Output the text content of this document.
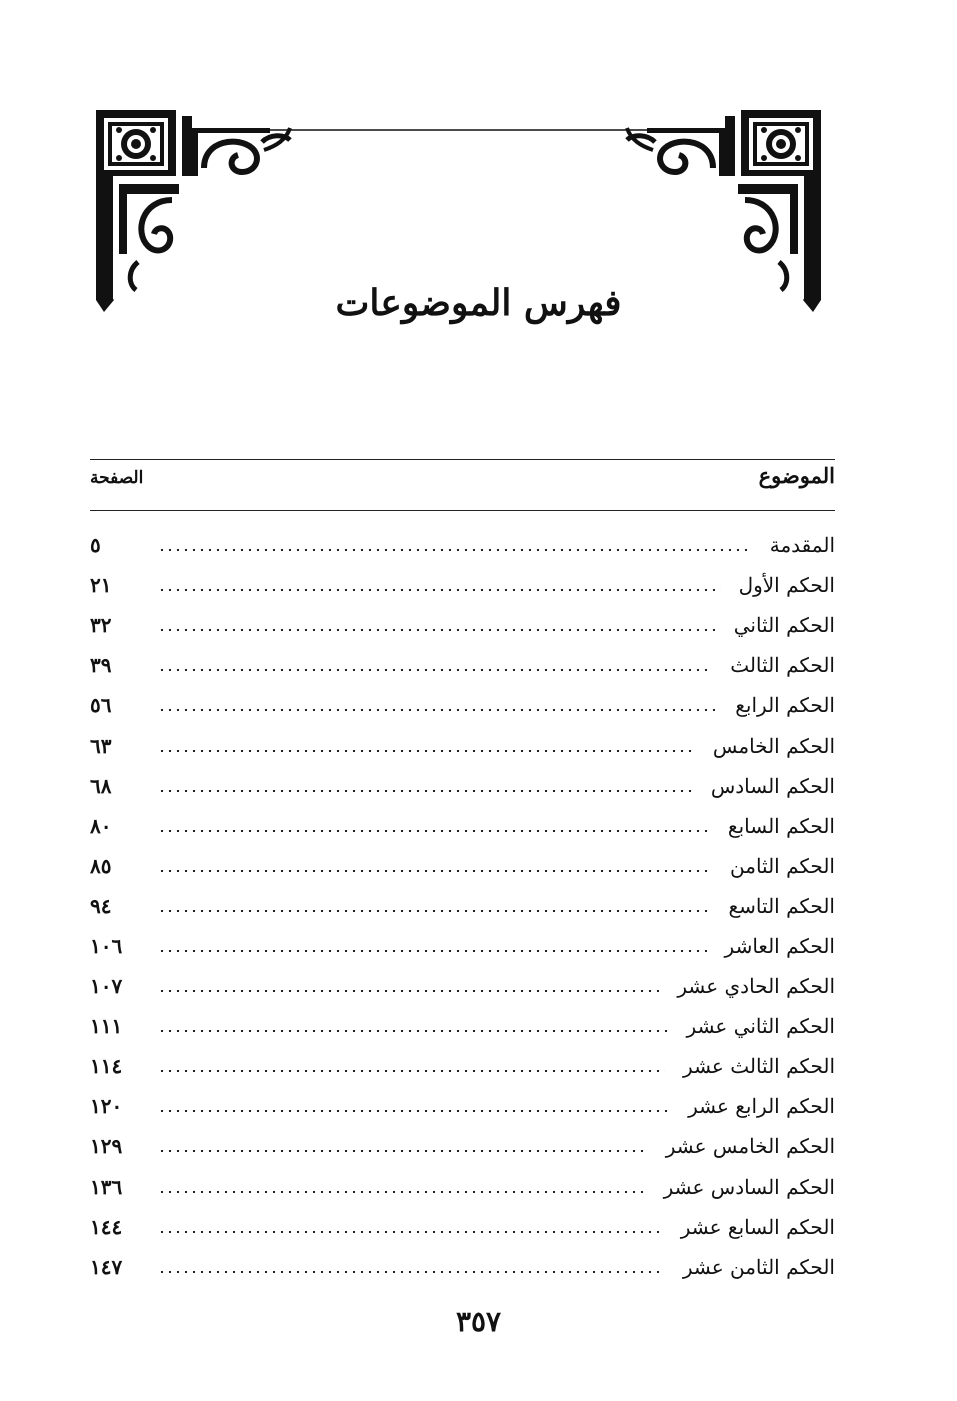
فهرس الموضوعات
الموضوع
الصفحة
المقدمة
٥
الحكم الأول
٢١
الحكم الثاني
٣٢
الحكم الثالث
٣٩
الحكم الرابع
٥٦
الحكم الخامس
٦٣
الحكم السادس
٦٨
الحكم السابع
٨٠
الحكم الثامن
٨٥
الحكم التاسع
٩٤
الحكم العاشر
١٠٦
الحكم الحادي عشر
١٠٧
الحكم الثاني عشر
١١١
الحكم الثالث عشر
١١٤
الحكم الرابع عشر
١٢٠
الحكم الخامس عشر
١٢٩
الحكم السادس عشر
١٣٦
الحكم السابع عشر
١٤٤
الحكم الثامن عشر
١٤٧
٣٥٧
